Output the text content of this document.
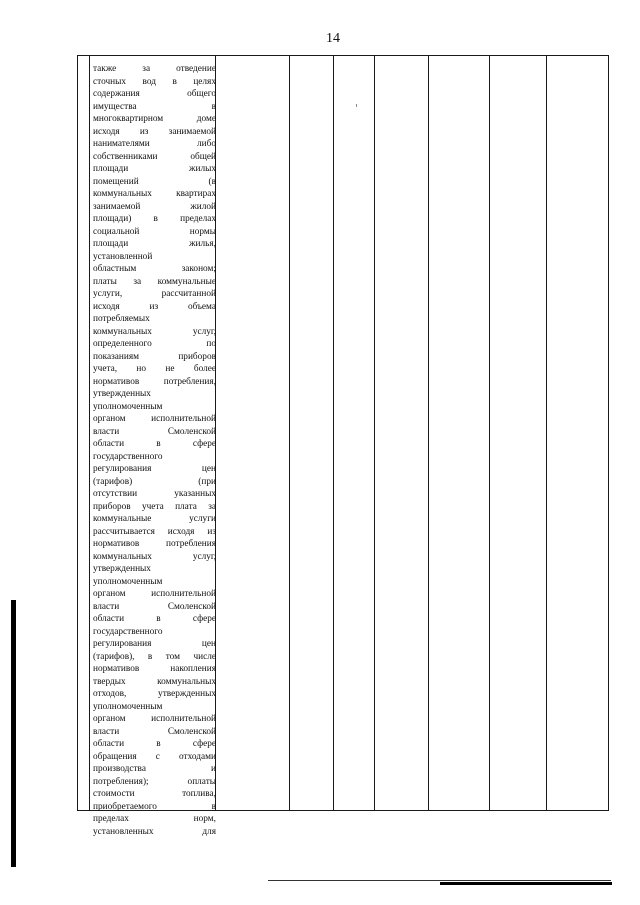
14
также за отведение
сточных вод в целях
содержания общего
имущества в
многоквартирном доме
исходя из занимаемой
нанимателями либо
собственниками общей
площади жилых
помещений (в
коммунальных квартирах
занимаемой жилой
площади) в пределах
социальной нормы
площади жилья,
установленной
областным законом;
платы за коммунальные
услуги, рассчитанной
исходя из объема
потребляемых
коммунальных услуг,
определенного по
показаниям приборов
учета, но не более
нормативов потребления,
утвержденных
уполномоченным
органом исполнительной
власти Смоленской
области в сфере
государственного
регулирования цен
(тарифов) (при
отсутствии указанных
приборов учета плата за
коммунальные услуги
рассчитывается исходя из
нормативов потребления
коммунальных услуг,
утвержденных
уполномоченным
органом исполнительной
власти Смоленской
области в сфере
государственного
регулирования цен
(тарифов), в том числе
нормативов накопления
твердых коммунальных
отходов, утвержденных
уполномоченным
органом исполнительной
власти Смоленской
области в сфере
обращения с отходами
производства и
потребления); оплаты
стоимости топлива,
приобретаемого в
пределах норм,
установленных для
